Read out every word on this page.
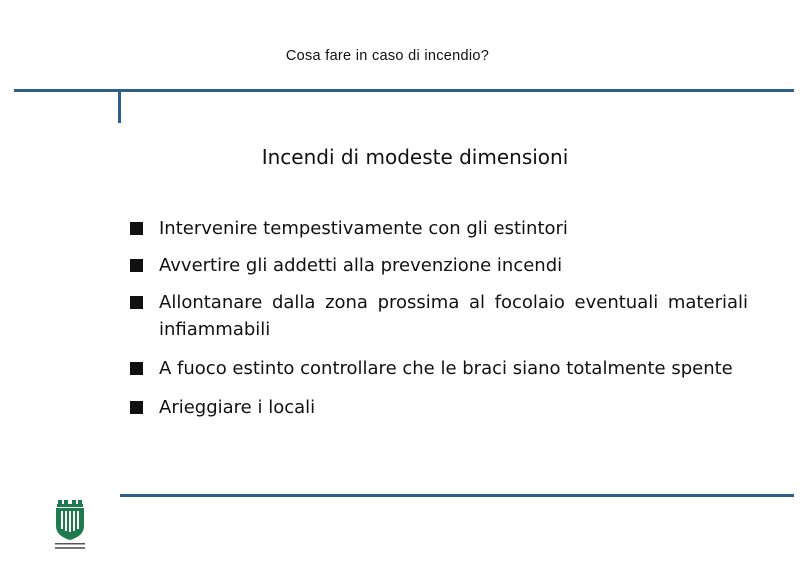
Cosa fare in caso di incendio?
Incendi di modeste dimensioni
Intervenire tempestivamente con gli estintori
Avvertire gli addetti alla prevenzione incendi
Allontanare dalla zona prossima al focolaio eventuali materiali infiammabili
A fuoco estinto controllare che le braci siano totalmente spente
Arieggiare i locali
